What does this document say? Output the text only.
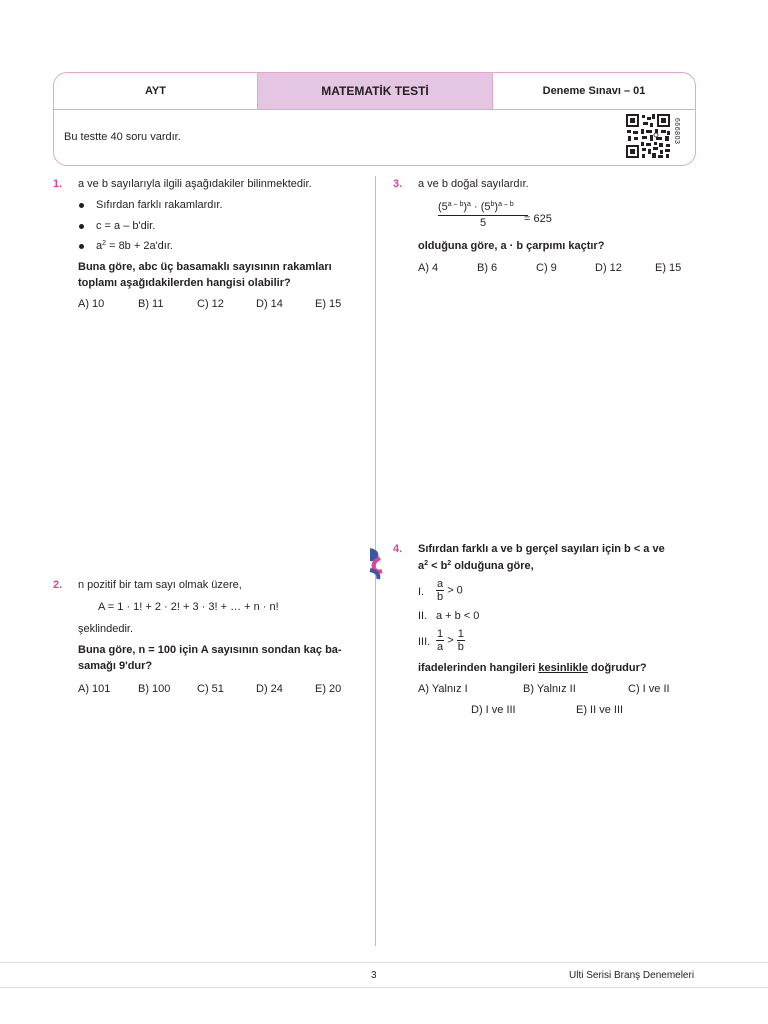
AYT	MATEMATİK TESTİ	Deneme Sınavı – 01
Bu testte 40 soru vardır.	666803
1. a ve b sayılarıyla ilgili aşağıdakiler bilinmektedir.
Sıfırdan farklı rakamlardır.
c = a – b'dir.
$a^2 = 8b$ + 2a'dır.
Buna göre, abc üç basamaklı sayısının rakamları
toplamı aşağıdakilerden hangisi olabilir?
A) 10	B) 11	C) 12	D) 14	E) 15
2. n pozitif bir tam sayı olmak üzere,
A = 1 · 1! + 2 · 2! + 3 · 3! + … + n · n!
şeklindedir.
Buna göre, n = 100 için A sayısının sondan kaç ba-
samağı 9'dur?
A) 101	B) 100 C) 51	D) 24	E) 20
3. a ve b doğal sayılardır.
$\frac{(5^{a - b})^a \cdot (5^b)^{a - b}}{5}$
= 625
olduğuna göre, a · b çarpımı kaçtır?
A) 4	B) 6	C) 9	D) 12	E) 15
4. Sıfırdan farklı a ve b gerçel sayıları için b < a ve
$a^2 < b^2$ olduğuna göre,
I. $\frac{a}{b} > 0$
II. a + b < 0
III. $\frac{1}{a} > \frac{1}{b}$
ifadelerinden hangileri kesinlikle doğrudur?
A) Yalnız I	B) Yalnız II	C) I ve II
D) I ve III	E) II ve III
3	Ulti Serisi Branş Denemeleri
